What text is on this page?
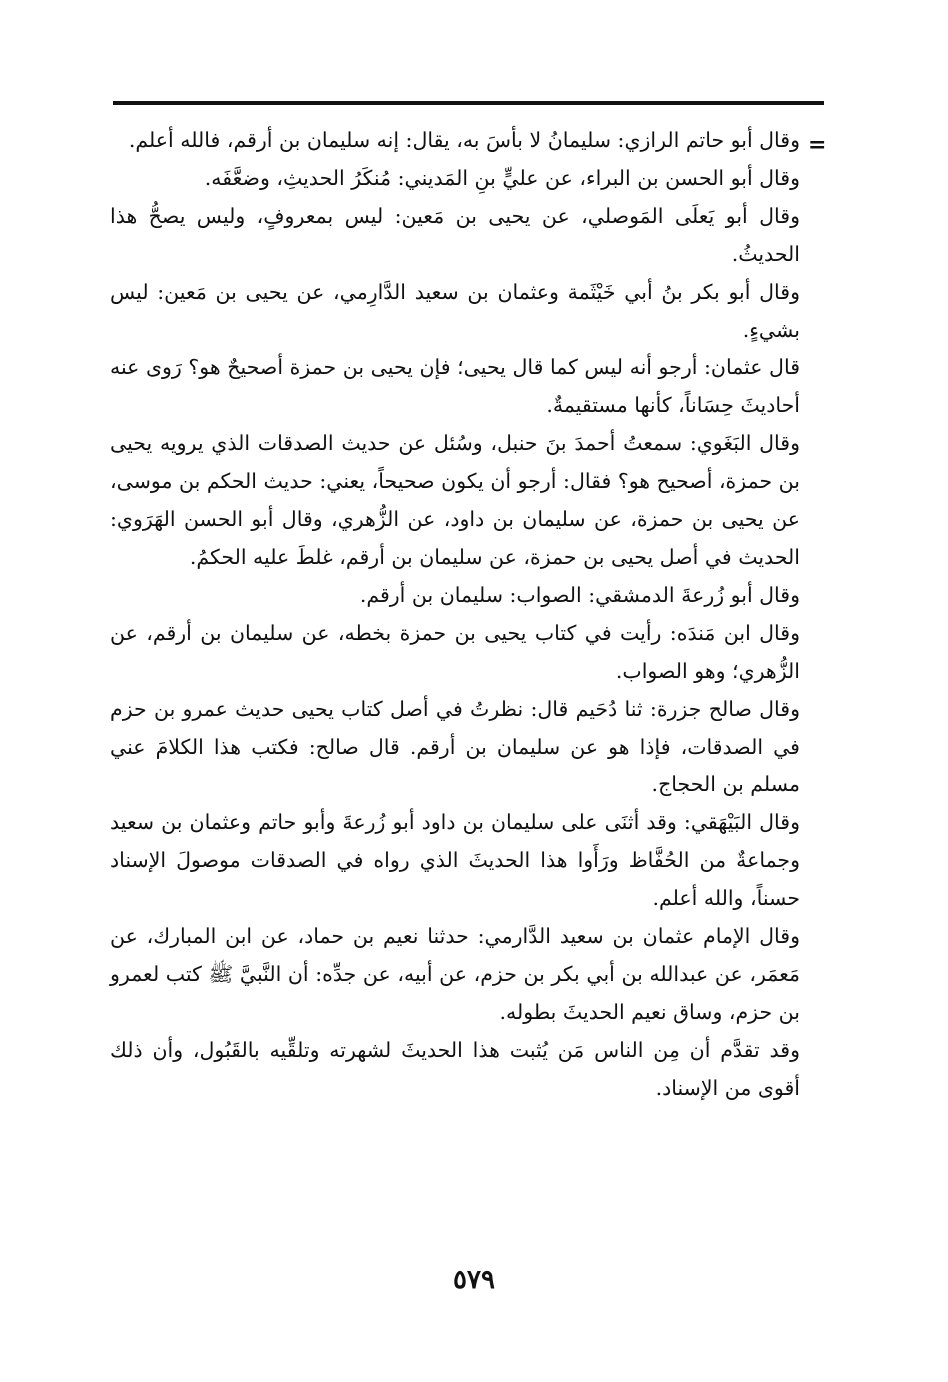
=

وقال أبو حاتم الرازي: سليمانُ لا بأسَ به، يقال: إنه سليمان بن أرقم، فالله أعلم.

وقال أبو الحسن بن البراء، عن عليٍّ بنِ المَديني: مُنكَرُ الحديثِ، وضعَّفَه.

وقال أبو يَعلَى المَوصلي، عن يحيى بن مَعين: ليس بمعروفٍ، وليس يصحُّ هذا الحديثُ.

وقال أبو بكر بنُ أبي خَيْثَمة وعثمان بن سعيد الدَّارِمي، عن يحيى بن مَعين: ليس بشيءٍ.

قال عثمان: أرجو أنه ليس كما قال يحيى؛ فإن يحيى بن حمزة أصحيحٌ هو؟ رَوى عنه أحاديثَ حِسَاناً، كأنها مستقيمةٌ.

وقال البَغَوي: سمعتُ أحمدَ بنَ حنبل، وسُئل عن حديث الصدقات الذي يرويه يحيى بن حمزة، أصحيح هو؟ فقال: أرجو أن يكون صحيحاً، يعني: حديث الحكم بن موسى، عن يحيى بن حمزة، عن سليمان بن داود، عن الزُّهري، وقال أبو الحسن الهَرَوي: الحديث في أصل يحيى بن حمزة، عن سليمان بن أرقم، غلطَ عليه الحكمُ.

وقال أبو زُرعةَ الدمشقي: الصواب: سليمان بن أرقم.

وقال ابن مَندَه: رأيت في كتاب يحيى بن حمزة بخطه، عن سليمان بن أرقم، عن الزُّهري؛ وهو الصواب.

وقال صالح جزرة: ثنا دُحَيم قال: نظرتُ في أصل كتاب يحيى حديث عمرو بن حزم في الصدقات، فإذا هو عن سليمان بن أرقم. قال صالح: فكتب هذا الكلامَ عني مسلم بن الحجاج.

وقال البَيْهَقي: وقد أثنَى على سليمان بن داود أبو زُرعةَ وأبو حاتم وعثمان بن سعيد وجماعةٌ من الحُفَّاظ ورَأَوا هذا الحديثَ الذي رواه في الصدقات موصولَ الإسناد حسناً، والله أعلم.

وقال الإمام عثمان بن سعيد الدَّارمي: حدثنا نعيم بن حماد، عن ابن المبارك، عن مَعمَر، عن عبدالله بن أبي بكر بن حزم، عن أبيه، عن جدِّه: أن النَّبيَّ ﷺ كتب لعمرو بن حزم، وساق نعيم الحديثَ بطوله.

وقد تقدَّم أن مِن الناس مَن يُثبت هذا الحديثَ لشهرته وتلقِّيه بالقَبُول، وأن ذلك أقوى من الإسناد.

٥٧٩
